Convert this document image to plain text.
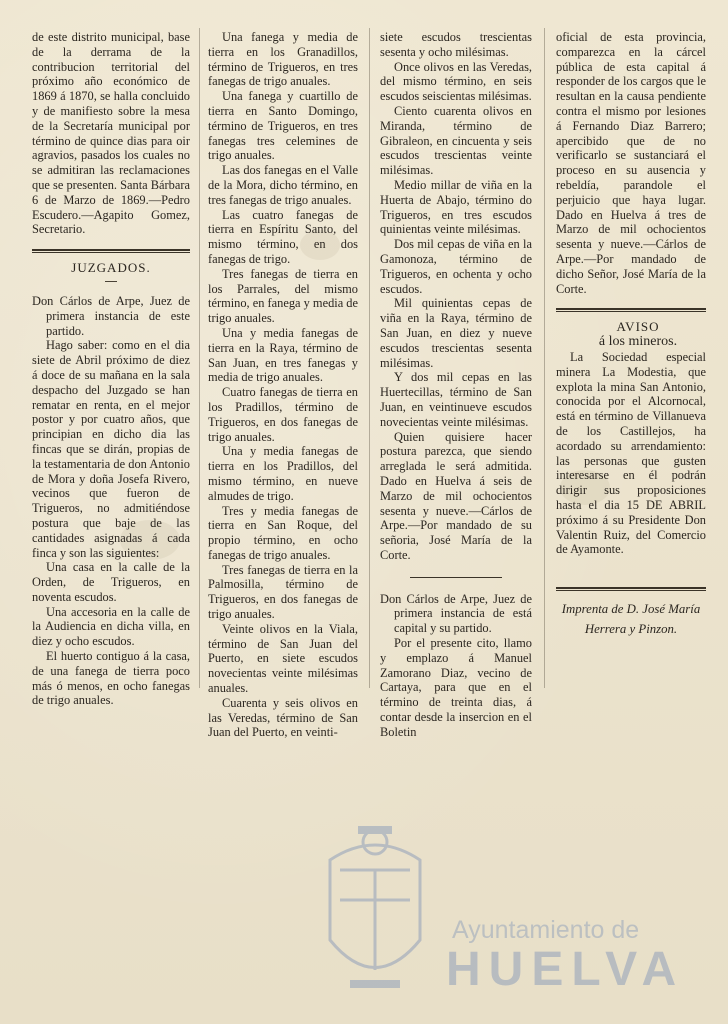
de este distrito municipal, base de la derrama de la contribucion territorial del próximo año económico de 1869 á 1870, se halla concluido y de manifiesto sobre la mesa de la Secretaría municipal por término de quince dias para oir agravios, pasados los cuales no se admitiran las reclamaciones que se presenten. Santa Bárbara 6 de Marzo de 1869.—Pedro Escudero.—Agapito Gomez, Secretario.

JUZGADOS.

Don Cárlos de Arpe, Juez de primera instancia de este partido.

Hago saber: como en el dia siete de Abril próximo de diez á doce de su mañana en la sala despacho del Juzgado se han rematar en renta, en el mejor postor y por cuatro años, que principian en dicho dia las fincas que se dirán, propias de la testamentaria de don Antonio de Mora y doña Josefa Rivero, vecinos que fueron de Trigueros, no admitiéndose postura que baje de las cantidades asignadas á cada finca y son las siguientes:

Una casa en la calle de la Orden, de Trigueros, en noventa escudos.

Una accesoria en la calle de la Audiencia en dicha villa, en diez y ocho escudos.

El huerto contiguo á la casa, de una fanega de tierra poco más ó menos, en ocho fanegas de trigo anuales.

Una fanega y media de tierra en los Granadillos, término de Trigueros, en tres fanegas de trigo anuales.

Una fanega y cuartillo de tierra en Santo Domingo, término de Trigueros, en tres fanegas tres celemines de trigo anuales.

Las dos fanegas en el Valle de la Mora, dicho término, en tres fanegas de trigo anuales.

Las cuatro fanegas de tierra en Espíritu Santo, del mismo término, en dos fanegas de trigo.

Tres fanegas de tierra en los Parrales, del mismo término, en fanega y media de trigo anuales.

Una y media fanegas de tierra en la Raya, término de San Juan, en tres fanegas y media de trigo anuales.

Cuatro fanegas de tierra en los Pradillos, término de Trigueros, en dos fanegas de trigo anuales.

Una y media fanegas de tierra en los Pradillos, del mismo término, en nueve almudes de trigo.

Tres y media fanegas de tierra en San Roque, del propio término, en ocho fanegas de trigo anuales.

Tres fanegas de tierra en la Palmosilla, término de Trigueros, en dos fanegas de trigo anuales.

Veinte olivos en la Viala, término de San Juan del Puerto, en siete escudos novecientas veinte milésimas anuales.

Cuarenta y seis olivos en las Veredas, término de San Juan del Puerto, en veinti-

siete escudos trescientas sesenta y ocho milésimas.

Once olivos en las Veredas, del mismo término, en seis escudos seiscientas milésimas.

Ciento cuarenta olivos en Miranda, término de Gibraleon, en cincuenta y seis escudos trescientas veinte milésimas.

Medio millar de viña en la Huerta de Abajo, término do Trigueros, en tres escudos quinientas veinte milésimas.

Dos mil cepas de viña en la Gamonoza, término de Trigueros, en ochenta y ocho escudos.

Mil quinientas cepas de viña en la Raya, término de San Juan, en diez y nueve escudos trescientas sesenta milésimas.

Y dos mil cepas en las Huertecillas, término de San Juan, en veintinueve escudos novecientas veinte milésimas.

Quien quisiere hacer postura parezca, que siendo arreglada le será admitida. Dado en Huelva á seis de Marzo de mil ochocientos sesenta y nueve.—Cárlos de Arpe.—Por mandado de su señoria, José María de la Corte.

Don Cárlos de Arpe, Juez de primera instancia de está capital y su partido.

Por el presente cito, llamo y emplazo á Manuel Zamorano Diaz, vecino de Cartaya, para que en el término de treinta dias, á contar desde la insercion en el Boletin

oficial de esta provincia, comparezca en la cárcel pública de esta capital á responder de los cargos que le resultan en la causa pendiente contra el mismo por lesiones á Fernando Diaz Barrero; apercibido que de no verificarlo se sustanciará el proceso en su ausencia y rebeldía, parandole el perjuicio que haya lugar. Dado en Huelva á tres de Marzo de mil ochocientos sesenta y nueve.—Cárlos de Arpe.—Por mandado de dicho Señor, José María de la Corte.

AVISO

á los mineros.

La Sociedad especial minera La Modestia, que explota la mina San Antonio, conocida por el Alcornocal, está en término de Villanueva de los Castillejos, ha acordado su arrendamiento: las personas que gusten interesarse en él podrán dirigir sus proposiciones hasta el dia 15 DE ABRIL próximo á su Presidente Don Valentin Ruiz, del Comercio de Ayamonte.

Imprenta de D. José María
Herrera y Pinzon.
Ayuntamiento de
HUELVA
